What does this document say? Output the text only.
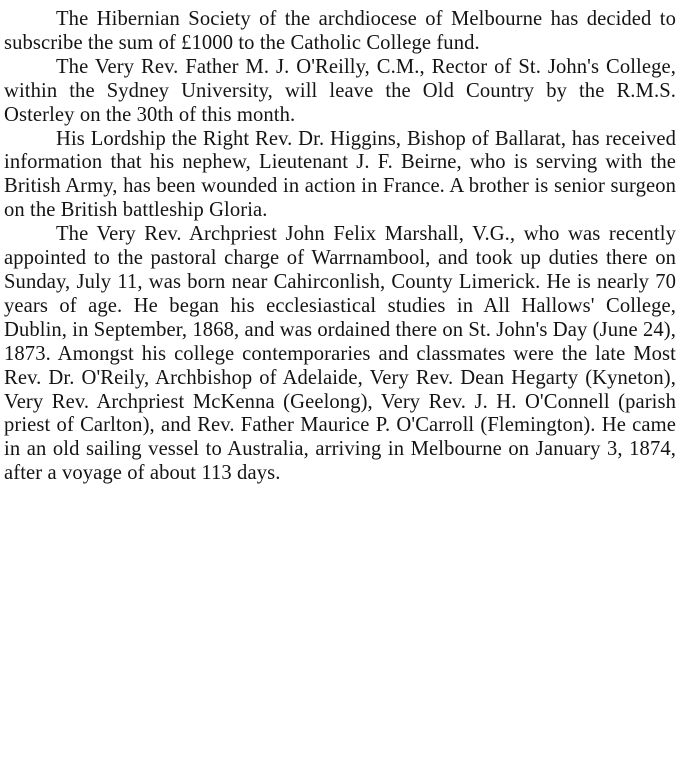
The Hibernian Society of the archdiocese of Melbourne has decided to subscribe the sum of £1000 to the Catholic College fund.

The Very Rev. Father M. J. O'Reilly, C.M., Rector of St. John's College, within the Sydney University, will leave the Old Country by the R.M.S. Osterley on the 30th of this month.

His Lordship the Right Rev. Dr. Higgins, Bishop of Ballarat, has received information that his nephew, Lieutenant J. F. Beirne, who is serving with the British Army, has been wounded in action in France. A brother is senior surgeon on the British battleship Gloria.

The Very Rev. Archpriest John Felix Marshall, V.G., who was recently appointed to the pastoral charge of Warrnambool, and took up duties there on Sunday, July 11, was born near Cahirconlish, County Limerick. He is nearly 70 years of age. He began his ecclesiastical studies in All Hallows' College, Dublin, in September, 1868, and was ordained there on St. John's Day (June 24), 1873. Amongst his college contemporaries and classmates were the late Most Rev. Dr. O'Reily, Archbishop of Adelaide, Very Rev. Dean Hegarty (Kyneton), Very Rev. Archpriest McKenna (Geelong), Very Rev. J. H. O'Connell (parish priest of Carlton), and Rev. Father Maurice P. O'Carroll (Flemington). He came in an old sailing vessel to Australia, arriving in Melbourne on January 3, 1874, after a voyage of about 113 days.
